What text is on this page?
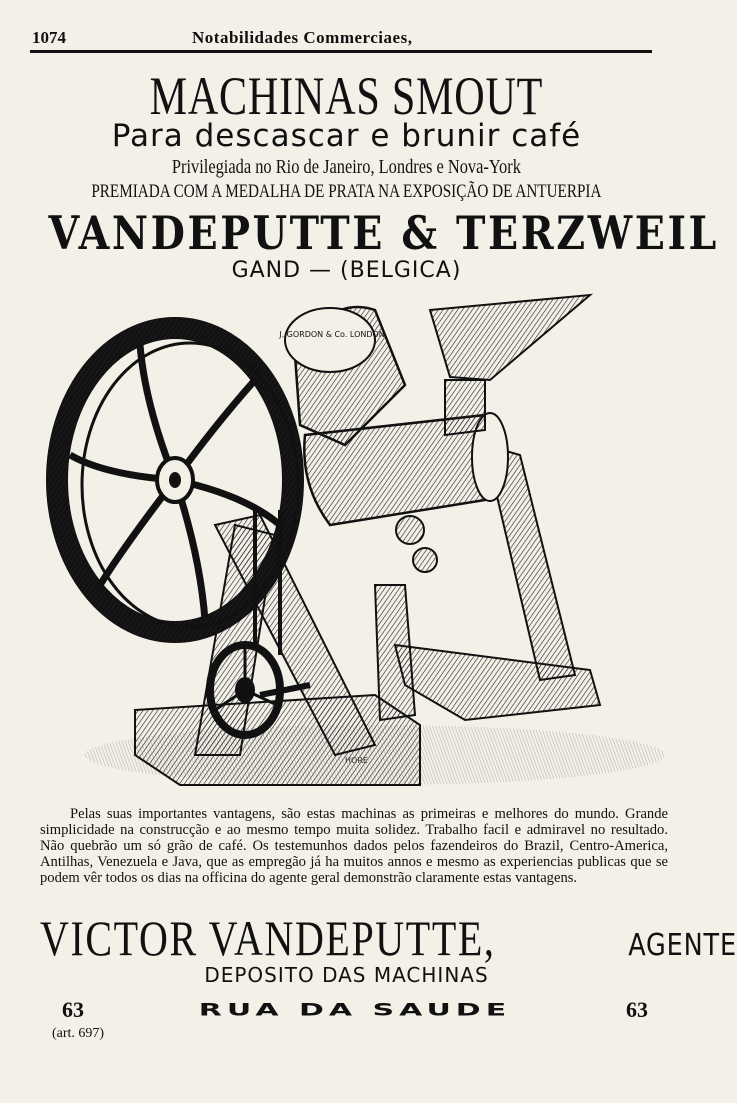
1074	Notabilidades Commerciaes,
MACHINAS SMOUT
Para descascar e brunir café
Privilegiada no Rio de Janeiro, Londres e Nova-York
PREMIADA COM A MEDALHA DE PRATA NA EXPOSIÇÃO DE ANTUERPIA
VANDEPUTTE & TERZWEIL
GAND — (BELGICA)
J. GORDON & Co. LONDON
HORE
Pelas suas importantes vantagens, são estas machinas as primeiras e melhores do mundo. Grande simplicidade na construcção e ao mesmo tempo muita solidez. Trabalho facil e admiravel no resultado. Não quebrão um só grão de café. Os testemunhos dados pelos fazendeiros do Brazil, Centro-America, Antilhas, Venezuela e Java, que as empregão já ha muitos annos e mesmo as experiencias publicas que se podem vêr todos os dias na officina do agente geral demonstrão claramente estas vantagens.
VICTOR VANDEPUTTE,	AGENTE
DEPOSITO DAS MACHINAS
63	RUA DA SAUDE	63
(art. 697)
